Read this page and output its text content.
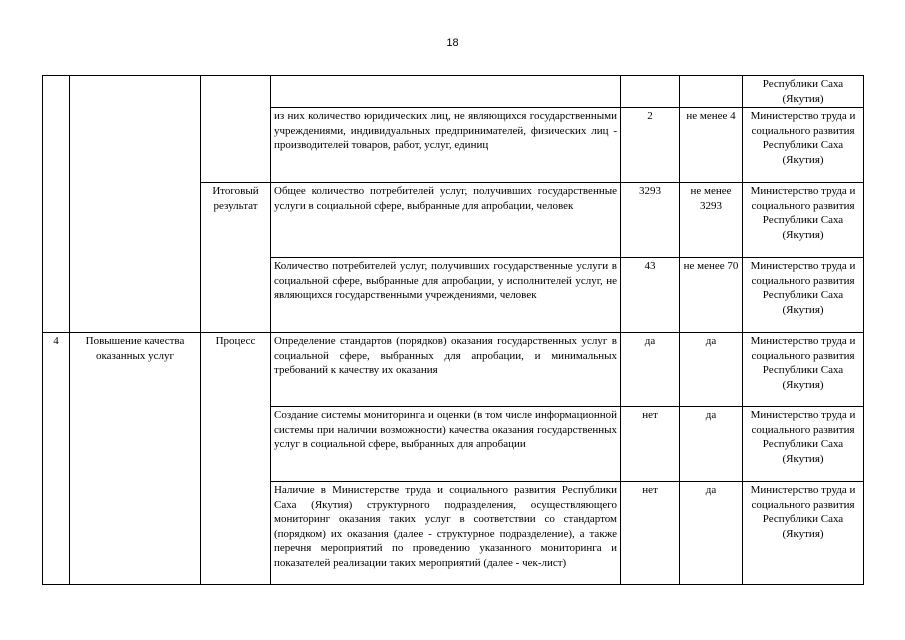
18
						Республики Саха (Якутия)
			из них количество юридических лиц, не являющихся государственными учреждениями, индивидуальных предпринимателей, физических лиц - производителей товаров, работ, услуг, единиц	2	не менее 4	Министерство труда и социального развития Республики Саха (Якутия)
		Итоговый результат	Общее количество потребителей услуг, получивших государственные услуги в социальной сфере, выбранные для апробации, человек	3293	не менее 3293	Министерство труда и социального развития Республики Саха (Якутия)
			Количество потребителей услуг, получивших государственные услуги в социальной сфере, выбранные для апробации, у исполнителей услуг, не являющихся государственными учреждениями, человек	43	не менее 70	Министерство труда и социального развития Республики Саха (Якутия)
4	Повышение качества оказанных услуг	Процесс	Определение стандартов (порядков) оказания государственных услуг в социальной сфере, выбранных для апробации, и минимальных требований к качеству их оказания	да	да	Министерство труда и социального развития Республики Саха (Якутия)
			Создание системы мониторинга и оценки (в том числе информационной системы при наличии возможности) качества оказания государственных услуг в социальной сфере, выбранных для апробации	нет	да	Министерство труда и социального развития Республики Саха (Якутия)
			Наличие в Министерстве труда и социального развития Республики Саха (Якутия) структурного подразделения, осуществляющего мониторинг оказания таких услуг в соответствии со стандартом (порядком) их оказания (далее - структурное подразделение), а также перечня мероприятий по проведению указанного мониторинга и показателей реализации таких мероприятий (далее - чек-лист)	нет	да	Министерство труда и социального развития Республики Саха (Якутия)
